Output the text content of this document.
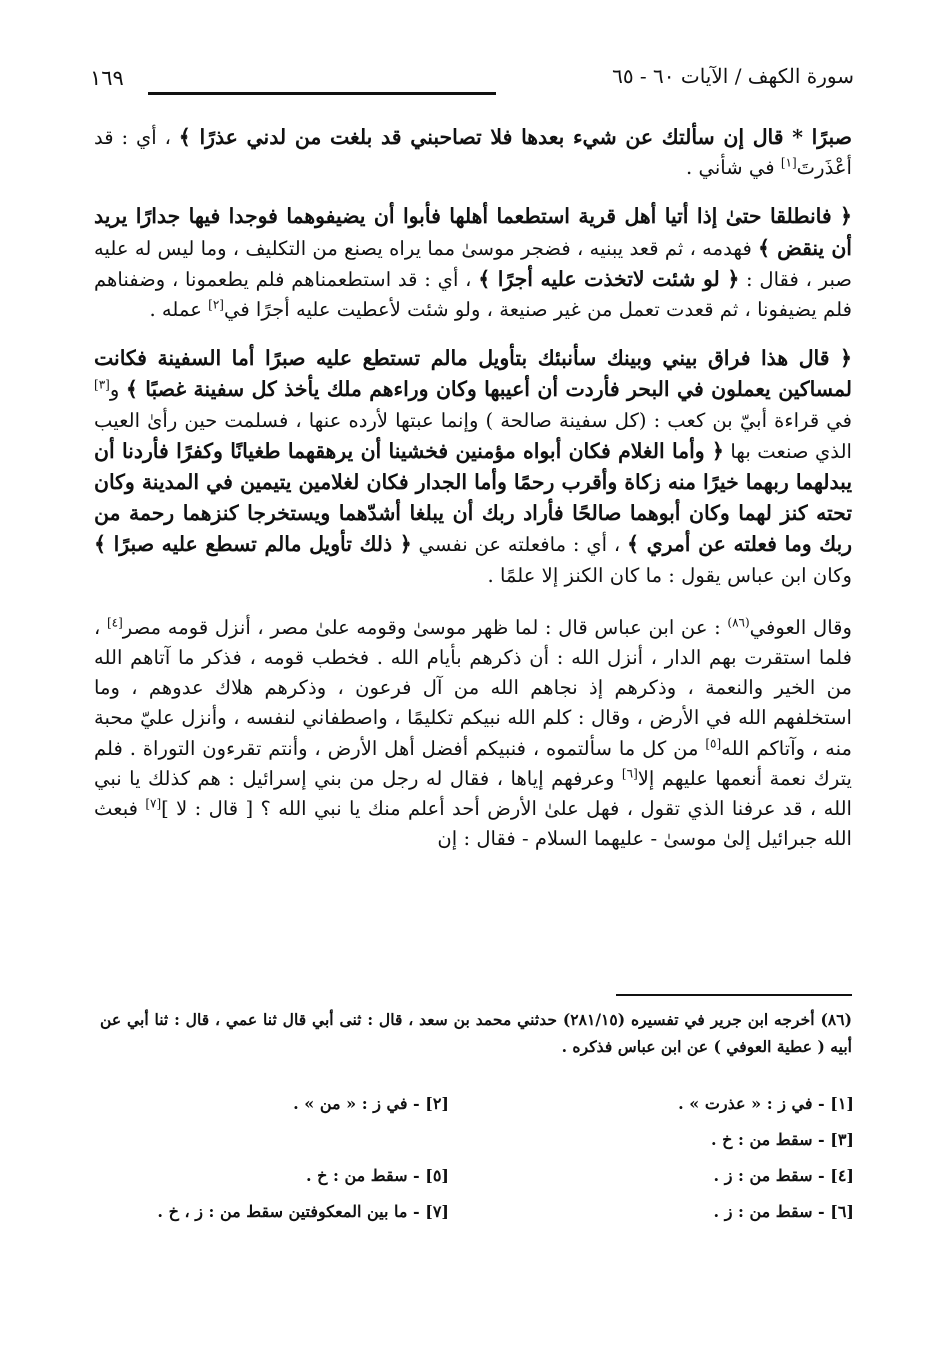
سورة الكهف / الآيات ٦٠ - ٦٥
١٦٩

صبرًا * قال إن سألتك عن شيء بعدها فلا تصاحبني قد بلغت من لدني عذرًا ﴾ ، أي : قد أعْذَرتَ[١] في شأني .

﴿ فانطلقا حتىٰ إذا أتيا أهل قرية استطعما أهلها فأبوا أن يضيفوهما فوجدا فيها جدارًا يريد أن ينقض ﴾ فهدمه ، ثم قعد يبنيه ، فضجر موسىٰ مما يراه يصنع من التكليف ، وما ليس له عليه صبر ، فقال : ﴿ لو شئت لاتخذت عليه أجرًا ﴾ ، أي : قد استطعمناهم فلم يطعمونا ، وضفناهم فلم يضيفونا ، ثم قعدت تعمل من غير صنيعة ، ولو شئت لأعطيت عليه أجرًا في[٢] عمله .

﴿ قال هذا فراق بيني وبينك سأنبئك بتأويل مالم تستطع عليه صبرًا أما السفينة فكانت لمساكين يعملون في البحر فأردت أن أعيبها وكان وراءهم ملك يأخذ كل سفينة غصبًا ﴾ و[٣] في قراءة أبيّ بن كعب : (كل سفينة صالحة ) وإنما عبتها لأرده عنها ، فسلمت حين رأىٰ العيب الذي صنعت بها ﴿ وأما الغلام فكان أبواه مؤمنين فخشينا أن يرهقهما طغيانًا وكفرًا فأردنا أن يبدلهما ربهما خيرًا منه زكاة وأقرب رحمًا وأما الجدار فكان لغلامين يتيمين في المدينة وكان تحته كنز لهما وكان أبوهما صالحًا فأراد ربك أن يبلغا أشدّهما ويستخرجا كنزهما رحمة من ربك وما فعلته عن أمري ﴾ ، أي : مافعلته عن نفسي ﴿ ذلك تأويل مالم تسطع عليه صبرًا ﴾ وكان ابن عباس يقول : ما كان الكنز إلا علمًا .

وقال العوفي$^{(٨٦)}$ : عن ابن عباس قال : لما ظهر موسىٰ وقومه علىٰ مصر ، أنزل قومه مصر[٤] ، فلما استقرت بهم الدار ، أنزل الله : أن ذكرهم بأيام الله . فخطب قومه ، فذكر ما آتاهم الله من الخير والنعمة ، وذكرهم إذ نجاهم الله من آل فرعون ، وذكرهم هلاك عدوهم ، وما استخلفهم الله في الأرض ، وقال : كلم الله نبيكم تكليمًا ، واصطفاني لنفسه ، وأنزل عليّ محبة منه ، وآتاكم الله[٥] من كل ما سألتموه ، فنبيكم أفضل أهل الأرض ، وأنتم تقرءون التوراة . فلم يترك نعمة أنعمها عليهم إلا[٦] وعرفهم إياها ، فقال له رجل من بني إسرائيل : هم كذلك يا نبي الله ، قد عرفنا الذي تقول ، فهل علىٰ الأرض أحد أعلم منك يا نبي الله ؟ [ قال : لا ][٧] فبعث الله جبرائيل إلىٰ موسىٰ - عليهما السلام - فقال : إن

(٨٦) أخرجه ابن جرير في تفسيره (٢٨١/١٥) حدثني محمد بن سعد ، قال : ثنى أبي قال ثنا عمي ، قال : ثنا أبي عن أبيه ( عطية العوفي ) عن ابن عباس فذكره .
[١] - في ز : « عذرت » .
[٢] - في ز : « من » .
[٣] - سقط من : خ .
[٤] - سقط من : ز .
[٥] - سقط من : خ .
[٦] - سقط من : ز .
[٧] - ما بين المعكوفتين سقط من : ز ، خ .
